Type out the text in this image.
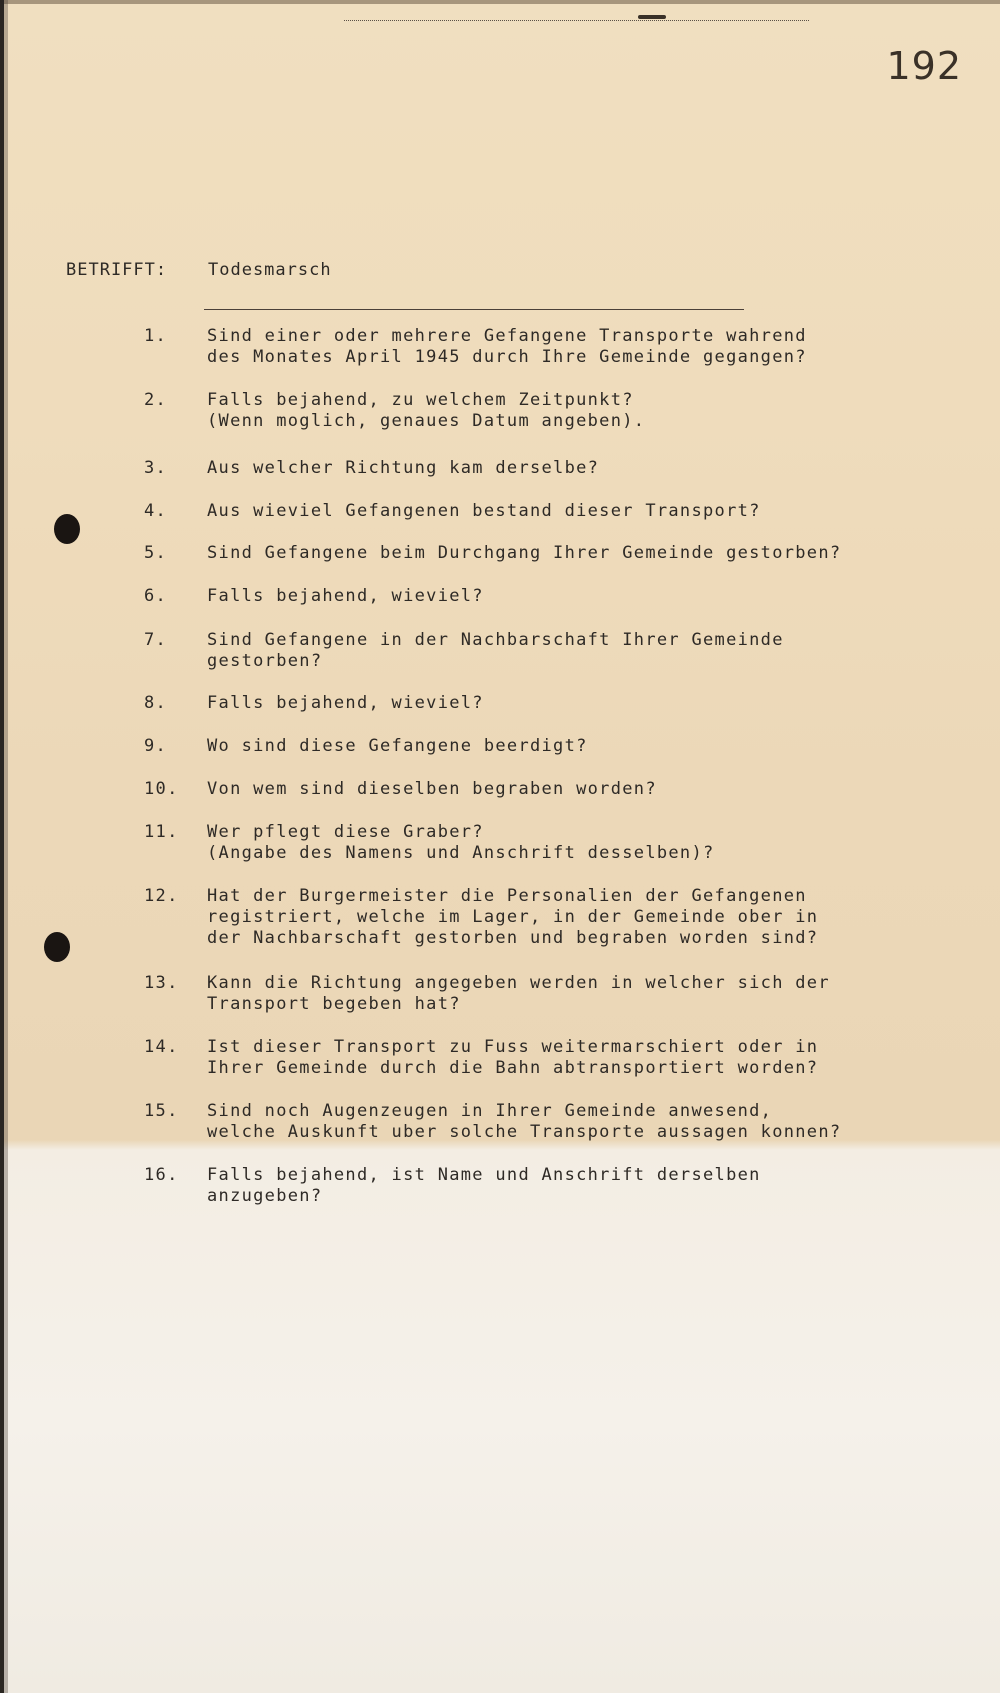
192
BETRIFFT: Todesmarsch
1. Sind einer oder mehrere Gefangene Transporte wahrend
des Monates April 1945 durch Ihre Gemeinde gegangen?
2. Falls bejahend, zu welchem Zeitpunkt?
(Wenn moglich, genaues Datum angeben).
3. Aus welcher Richtung kam derselbe?
4. Aus wieviel Gefangenen bestand dieser Transport?
5. Sind Gefangene beim Durchgang Ihrer Gemeinde gestorben?
6. Falls bejahend, wieviel?
7. Sind Gefangene in der Nachbarschaft Ihrer Gemeinde
gestorben?
8. Falls bejahend, wieviel?
9. Wo sind diese Gefangene beerdigt?
10. Von wem sind dieselben begraben worden?
11. Wer pflegt diese Graber?
(Angabe des Namens und Anschrift desselben)?
12. Hat der Burgermeister die Personalien der Gefangenen
registriert, welche im Lager, in der Gemeinde ober in
der Nachbarschaft gestorben und begraben worden sind?
13. Kann die Richtung angegeben werden in welcher sich der
Transport begeben hat?
14. Ist dieser Transport zu Fuss weitermarschiert oder in
Ihrer Gemeinde durch die Bahn abtransportiert worden?
15. Sind noch Augenzeugen in Ihrer Gemeinde anwesend,
welche Auskunft uber solche Transporte aussagen konnen?
16. Falls bejahend, ist Name und Anschrift derselben
anzugeben?
